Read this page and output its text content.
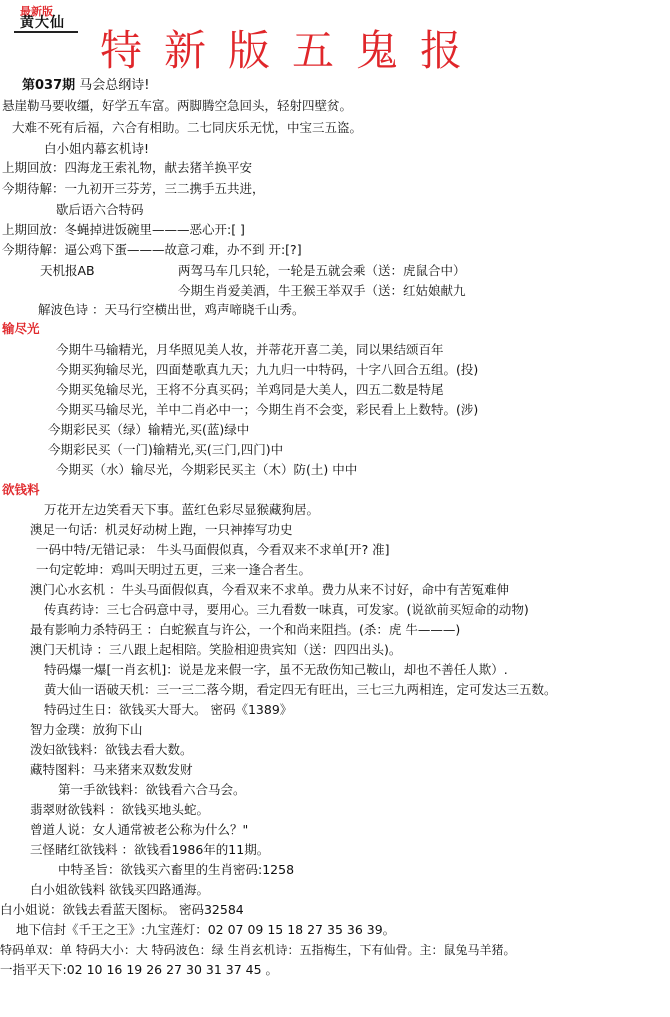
最新版
黄大仙
特新版五鬼报
第037期 马会总纲诗!
悬崖勒马要收缰，好学五车富。两脚腾空急回头，轻射四壁贫。
大难不死有后福，六合有相助。二七同庆乐无忧，中宝三五盗。
白小姐内幕玄机诗!
上期回放：四海龙王索礼物，献去猪羊换平安
今期待解：一九初开三芬芳，三二携手五共进，
歇后语六合特码
上期回放：冬蝇掉进饭碗里———恶心开:[ ]
今期待解：逼公鸡下蛋———故意刁难，办不到 开:[?]
天机报AB	两驾马车几只轮，一轮是五就会乘（送：虎鼠合中）
今期生肖爱美酒，牛王猴王举双手（送：红姑娘献九
解波色诗 ：天马行空横出世，鸡声啼晓千山秀。
输尽光
今期牛马输精光，月华照见美人妆，并蒂花开喜二美，同以果结颂百年
今期买狗输尽光，四面楚歌真九天；九九归一中特码，十字八回合五组。(投)
今期买兔输尽光，王将不分真买码；羊鸡同是大美人，四五二数是特尾
今期买马输尽光，羊中二肖必中一；今期生肖不会变，彩民看上上数特。(涉)
今期彩民买（绿）输精光,买(蓝)绿中
今期彩民买（一门)输精光,买(三门,四门)中
今期买（水）输尽光，今期彩民买主（木）防(土) 中中
欲钱料
万花开左边笑看天下事。蓝红色彩尽显猴藏狗居。
澳足一句话：机灵好动树上跑，一只神捧写功史
一码中特/无错记录： 牛头马面假似真，今看双来不求单[开? 准]
一句定乾坤：鸡叫天明过五更，三来一逢合者生。
澳门心水玄机 ：牛头马面假似真，今看双来不求单。费力从来不讨好，命中有苦冤难伸
传真药诗：三七合码意中寻，要用心。三九看数一味真，可发家。(说欲前买短命的动物)
最有影响力杀特码王 ：白蛇猴直与许公，一个和尚来阻挡。(杀：虎 牛———)
澳门天机诗 ：三八跟上起相陪。笑脸相迎贵宾知（送：四四出头)。
特码爆一爆[一肖玄机]：说是龙来假一字，虽不无敌伤知己鞍山，却也不善任人欺）.
黄大仙一语破天机：三一三二落今期，看定四无有旺出，三七三九两相连，定可发达三五数。
特码过生日：欲钱买大哥大。 密码《1389》
智力金璞：放狗下山
泼妇欲钱料：欲钱去看大数。
藏特图料：马来猪来双数发财
第一手欲钱料：欲钱看六合马会。
翡翠财欲钱料 ：欲钱买地头蛇。
曾道人说：女人通常被老公称为什么？"
三怪睹红欲钱料 ：欲钱看1986年的11期。
中特圣旨：欲钱买六畜里的生肖密码:1258
白小姐欲钱料 欲钱买四路通海。
白小姐说：欲钱去看蓝天图标。 密码32584
地下信封《千王之王》:九宝莲灯：02 07 09 15 18 27 35 36 39。
特码单双：单 特码大小：大 特码波色：绿 生肖玄机诗：五指梅生，下有仙骨。主：鼠兔马羊猪。
一指平天下:02 10 16 19 26 27 30 31 37 45 。
